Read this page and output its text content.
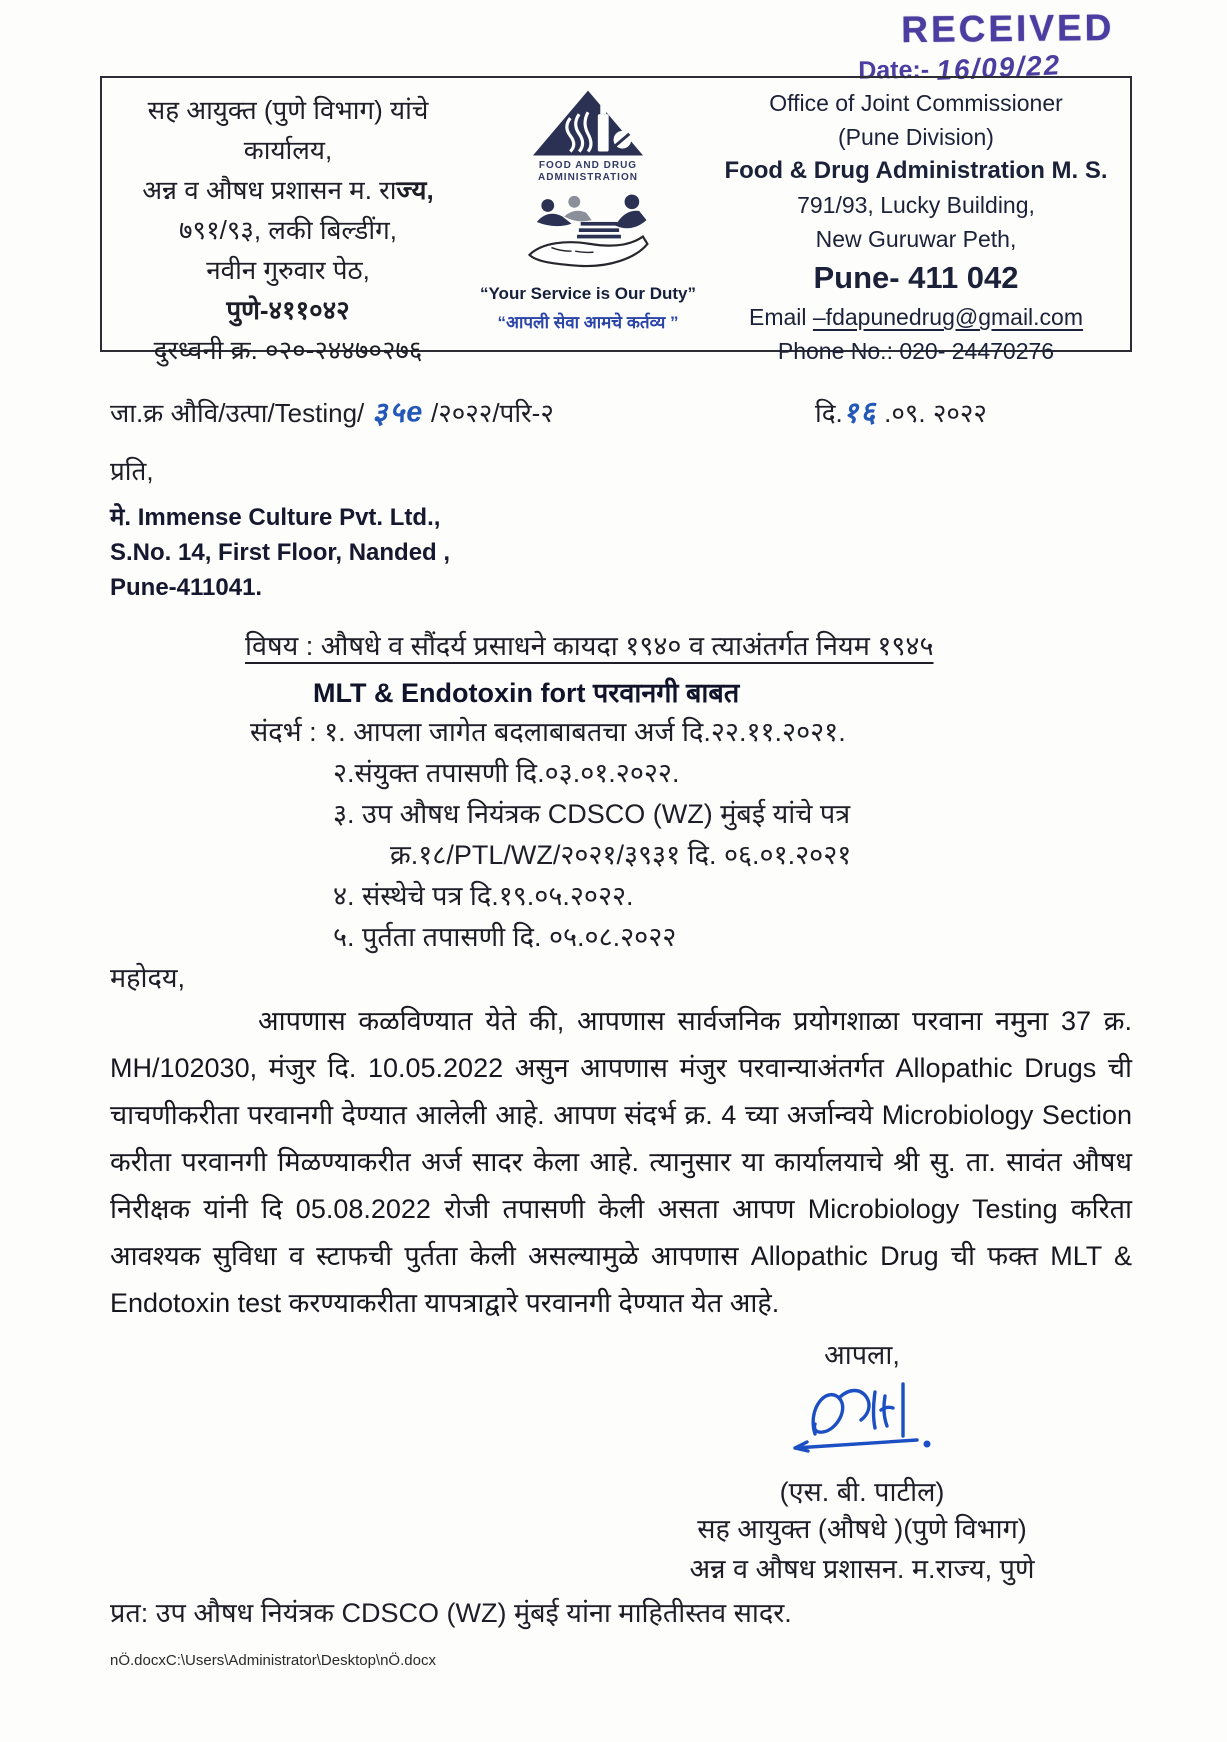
RECEIVED
Date:- 16/09/22
सह आयुक्त (पुणे विभाग) यांचे कार्यालय,
अन्न व औषध प्रशासन म. राज्य,
७९१/९३, लकी बिल्डींग,
नवीन गुरुवार पेठ,
पुणे-४११०४२
दुरध्वनी क्र. ०२०-२४४७०२७६
FOOD AND DRUG
ADMINISTRATION
“Your Service is Our Duty”
“आपली सेवा आमचे कर्तव्य ”
Office of Joint Commissioner
(Pune Division)
Food & Drug Administration M. S.
791/93, Lucky Building,
New Guruwar Peth,
Pune- 411 042
Email –fdapunedrug@gmail.com
Phone No.: 020- 24470276
जा.क्र औवि/उत्पा/Testing/ ३५e /२०२२/परि-२	दि.१६ .०९. २०२२
प्रति,
मे. Immense Culture Pvt. Ltd.,
S.No. 14, First Floor, Nanded ,
Pune-411041.
विषय : औषधे व सौंदर्य प्रसाधने कायदा १९४० व त्याअंतर्गत नियम १९४५
MLT & Endotoxin fort परवानगी बाबत
संदर्भ : १. आपला जागेत बदलाबाबतचा अर्ज दि.२२.११.२०२१.
२.संयुक्त तपासणी दि.०३.०१.२०२२.
३. उप औषध नियंत्रक CDSCO (WZ) मुंबई यांचे पत्र
क्र.१८/PTL/WZ/२०२१/३९३१ दि. ०६.०१.२०२१
४. संस्थेचे पत्र दि.१९.०५.२०२२.
५. पुर्तता तपासणी दि. ०५.०८.२०२२
महोदय,
आपणास कळविण्यात येते की, आपणास सार्वजनिक प्रयोगशाळा परवाना नमुना 37 क्र. MH/102030, मंजुर दि. 10.05.2022 असुन आपणास मंजुर परवान्याअंतर्गत Allopathic Drugs ची चाचणीकरीता परवानगी देण्यात आलेली आहे. आपण संदर्भ क्र. 4 च्या अर्जान्वये Microbiology Section करीता परवानगी मिळण्याकरीत अर्ज सादर केला आहे. त्यानुसार या कार्यालयाचे श्री सु. ता. सावंत औषध निरीक्षक यांनी दि 05.08.2022 रोजी तपासणी केली असता आपण Microbiology Testing करिता आवश्यक सुविधा व स्टाफची पुर्तता केली असल्यामुळे आपणास Allopathic Drug ची फक्त MLT & Endotoxin test करण्याकरीता यापत्राद्वारे परवानगी देण्यात येत आहे.
आपला,
(एस. बी. पाटील)
सह आयुक्त (औषधे )(पुणे विभाग)
अन्न व औषध प्रशासन. म.राज्य, पुणे
प्रत: उप औषध नियंत्रक CDSCO (WZ) मुंबई यांना माहितीस्तव सादर.
nÖ.docxC:\Users\Administrator\Desktop\nÖ.docx
